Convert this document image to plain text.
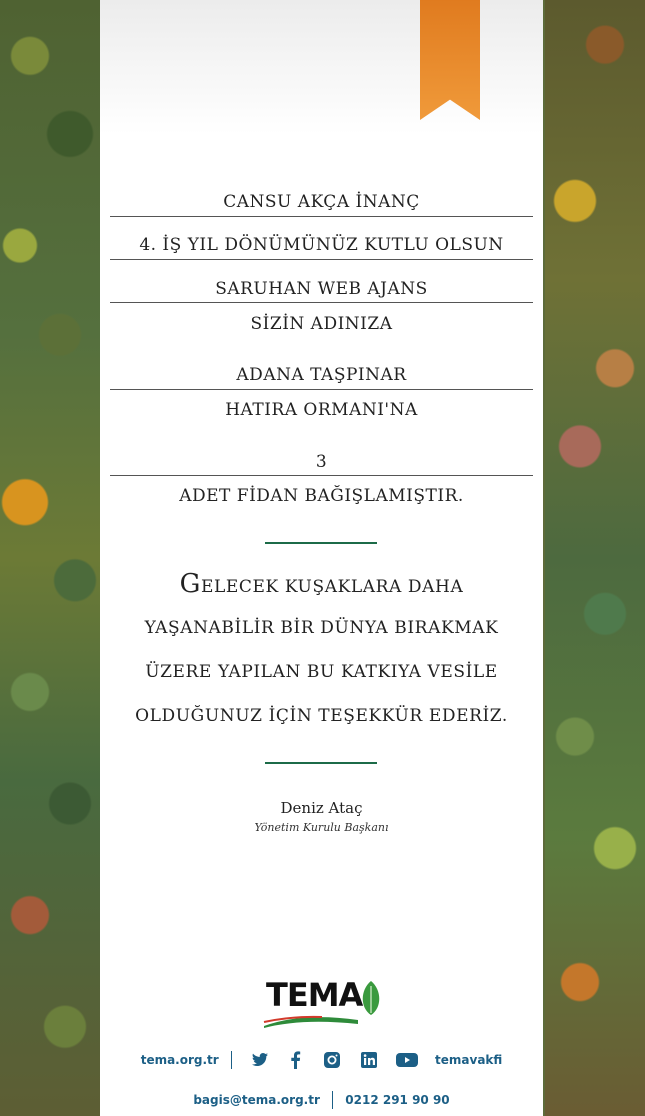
CANSU AKÇA İNANÇ
4. İŞ YIL DÖNÜMÜNÜZ KUTLU OLSUN
SARUHAN WEB AJANS
SİZİN ADINIZA
ADANA TAŞPINAR
HATIRA ORMANI'NA
3
ADET FİDAN BAĞIŞLAMIŞTIR.
GELECEK KUŞAKLARA DAHA
YAŞANABİLİR BİR DÜNYA BIRAKMAK
ÜZERE YAPILAN BU KATKIYA VESİLE
OLDUĞUNUZ İÇİN TEŞEKKÜR EDERİZ.
Deniz Ataç
Yönetim Kurulu Başkanı
TEMA
tema.org.tr	temavakfi
bagis@tema.org.tr 0212 291 90 90
